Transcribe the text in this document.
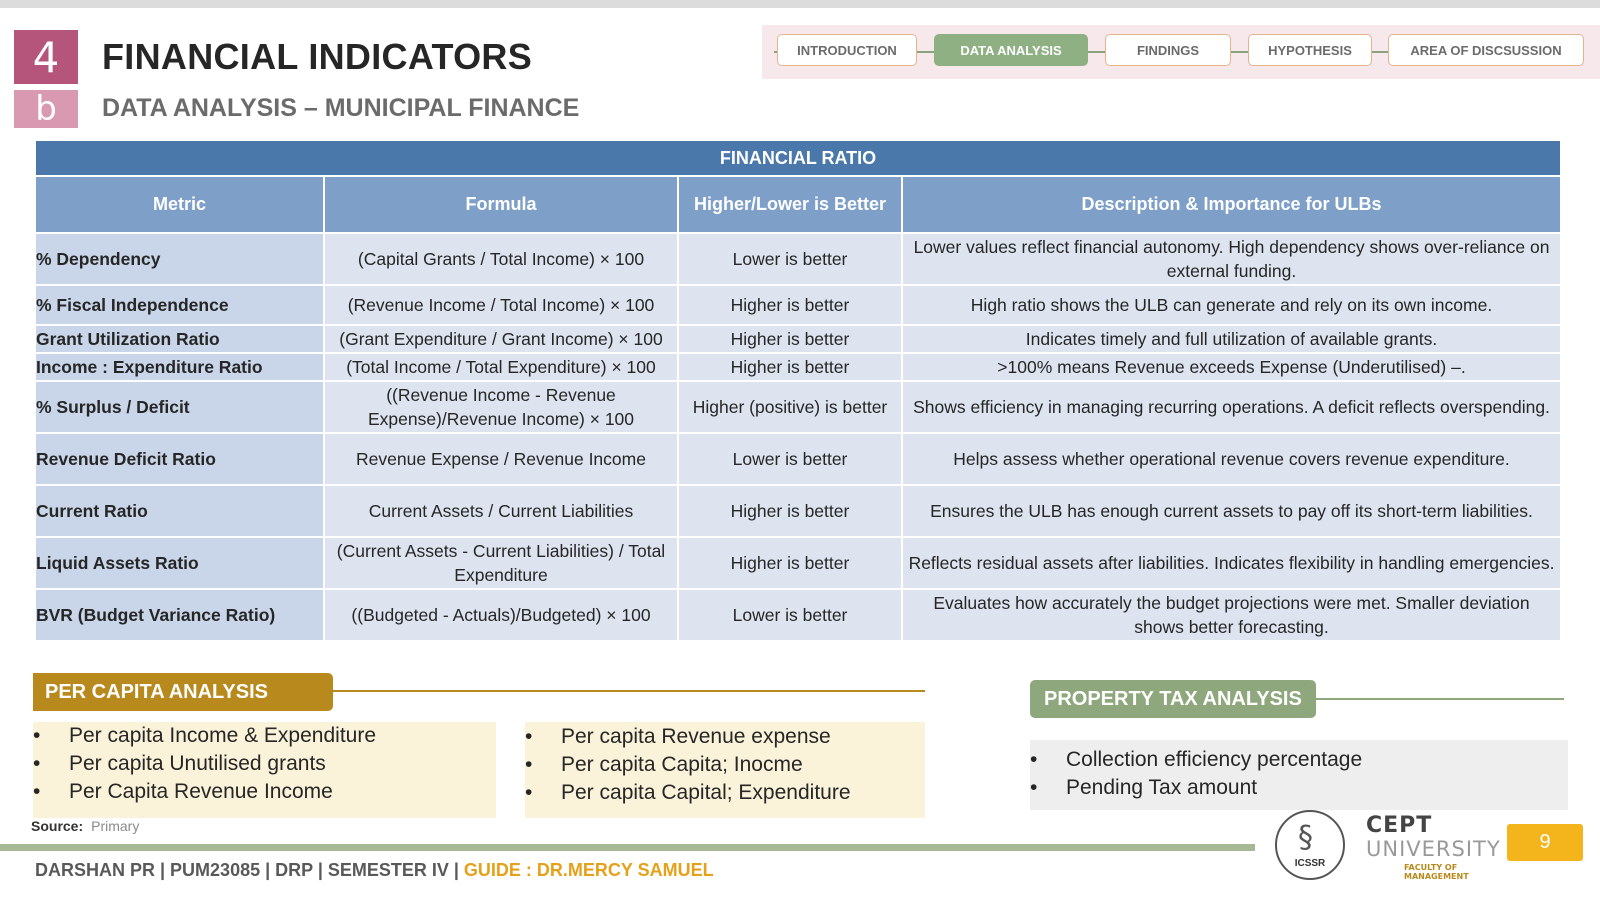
4
b
FINANCIAL INDICATORS
DATA ANALYSIS – MUNICIPAL FINANCE
INTRODUCTION	DATA ANALYSIS	FINDINGS	HYPOTHESIS	AREA OF DISCSUSSION
FINANCIAL RATIO			
Metric	Formula	Higher/Lower is Better	Description & Importance for ULBs
% Dependency	(Capital Grants / Total Income) × 100	Lower is better	Lower values reflect financial autonomy. High dependency shows over-reliance on external funding.
% Fiscal Independence	(Revenue Income / Total Income) × 100	Higher is better	High ratio shows the ULB can generate and rely on its own income.
Grant Utilization Ratio	(Grant Expenditure / Grant Income) × 100	Higher is better	Indicates timely and full utilization of available grants.
Income : Expenditure Ratio	(Total Income / Total Expenditure) × 100	Higher is better	>100% means Revenue exceeds Expense (Underutilised) –.
% Surplus / Deficit	((Revenue Income - Revenue Expense)/Revenue Income) × 100	Higher (positive) is better	Shows efficiency in managing recurring operations. A deficit reflects overspending.
Revenue Deficit Ratio	Revenue Expense / Revenue Income	Lower is better	Helps assess whether operational revenue covers revenue expenditure.
Current Ratio	Current Assets / Current Liabilities	Higher is better	Ensures the ULB has enough current assets to pay off its short-term liabilities.
Liquid Assets Ratio	(Current Assets - Current Liabilities) / Total Expenditure	Higher is better	Reflects residual assets after liabilities. Indicates flexibility in handling emergencies.
BVR (Budget Variance Ratio)	((Budgeted - Actuals)/Budgeted) × 100	Lower is better	Evaluates how accurately the budget projections were met. Smaller deviation shows better forecasting.
PER CAPITA ANALYSIS
• Per capita Income & Expenditure
• Per capita Unutilised grants
• Per Capita Revenue Income
• Per capita Revenue expense
• Per capita Capita; Inocme
• Per capita Capital; Expenditure
PROPERTY TAX ANALYSIS
• Collection efficiency percentage
• Pending Tax amount
Source: Primary
DARSHAN PR | PUM23085 | DRP | SEMESTER IV | GUIDE : DR.MERCY SAMUEL
§
ICSSR
CEPT
UNIVERSITY
FACULTY OF MANAGEMENT
9
